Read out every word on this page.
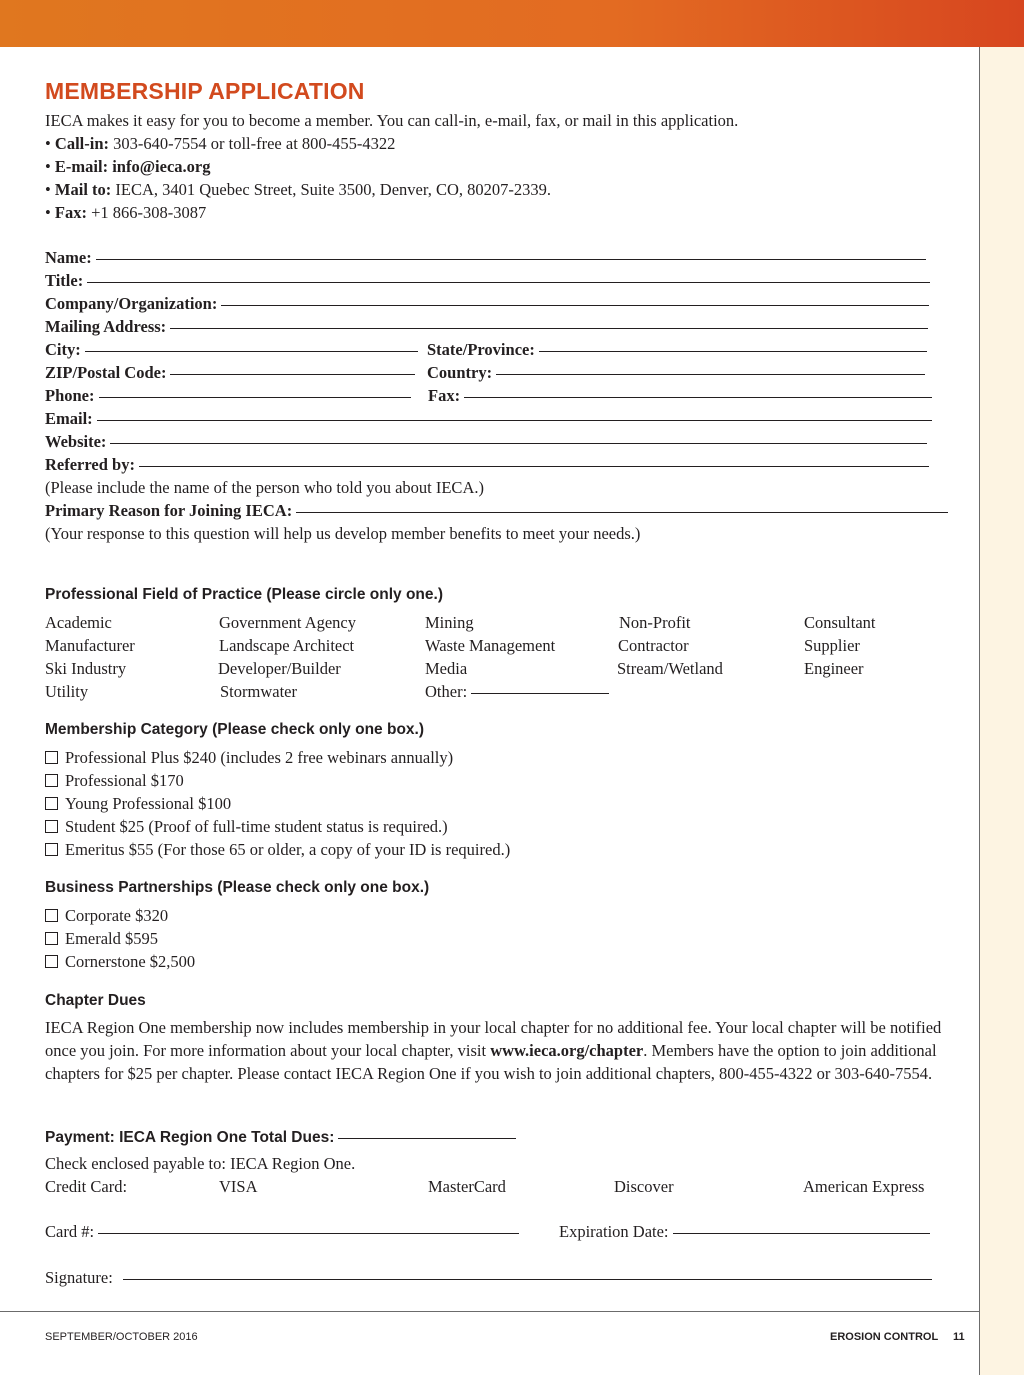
MEMBERSHIP APPLICATION
IECA makes it easy for you to become a member. You can call-in, e-mail, fax, or mail in this application.
• Call-in: 303-640-7554 or toll-free at 800-455-4322
• E-mail: info@ieca.org
• Mail to: IECA, 3401 Quebec Street, Suite 3500, Denver, CO, 80207-2339.
• Fax: +1 866-308-3087
Name:
Title:
Company/Organization:
Mailing Address:
City:	State/Province:
ZIP/Postal Code:	Country:
Phone:	Fax:
Email:
Website:
Referred by:
(Please include the name of the person who told you about IECA.)
Primary Reason for Joining IECA:
(Your response to this question will help us develop member benefits to meet your needs.)
Professional Field of Practice (Please circle only one.)
Academic	Government Agency	Mining	Non-Profit	Consultant
Manufacturer	Landscape Architect	Waste Management	Contractor	Supplier
Ski Industry	Developer/Builder	Media	Stream/Wetland	Engineer
Utility	Stormwater	Other:
Membership Category (Please check only one box.)
Professional Plus $240 (includes 2 free webinars annually)
Professional $170
Young Professional $100
Student $25 (Proof of full-time student status is required.)
Emeritus $55 (For those 65 or older, a copy of your ID is required.)
Business Partnerships (Please check only one box.)
Corporate $320
Emerald $595
Cornerstone $2,500
Chapter Dues
IECA Region One membership now includes membership in your local chapter for no additional fee. Your local chapter will be notified once you join. For more information about your local chapter, visit www.ieca.org/chapter. Members have the option to join additional chapters for $25 per chapter. Please contact IECA Region One if you wish to join additional chapters, 800-455-4322 or 303-640-7554.
Payment: IECA Region One Total Dues:
Check enclosed payable to: IECA Region One.
Credit Card:	VISA	MasterCard	Discover	American Express
Card #:	Expiration Date:
Signature:
SEPTEMBER/OCTOBER 2016	EROSION CONTROL 11
